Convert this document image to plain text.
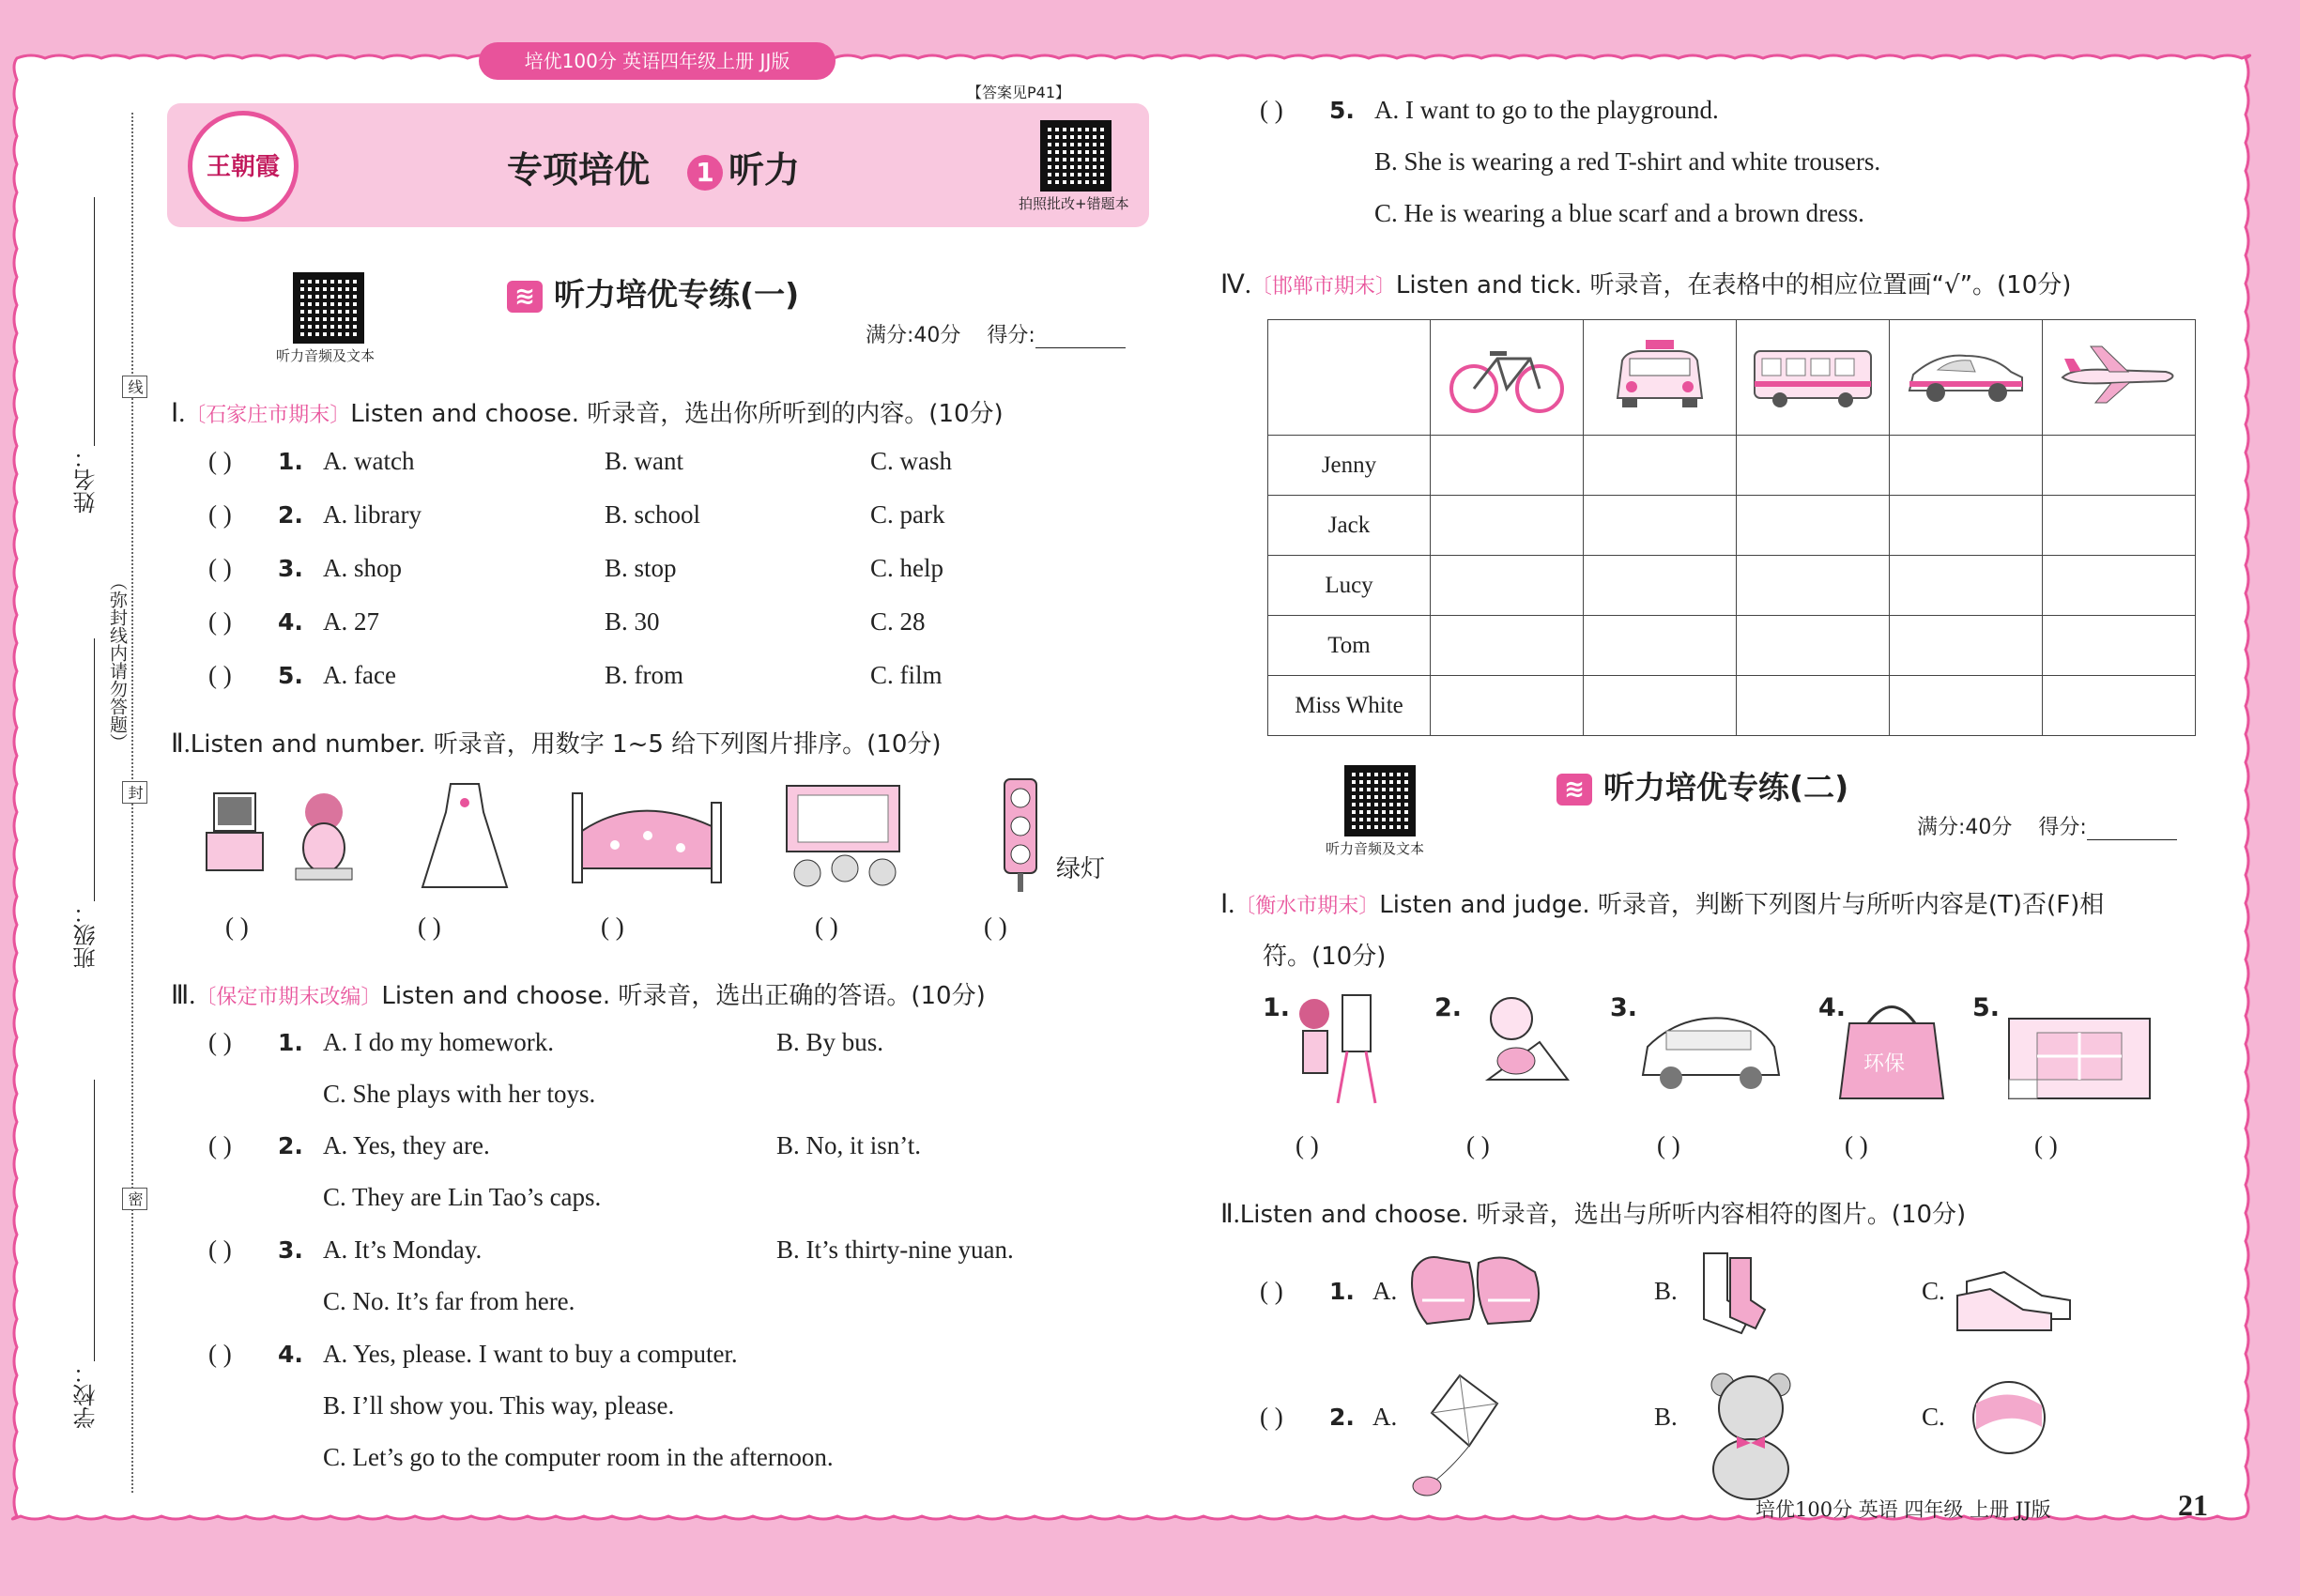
培优100分 英语四年级上册 JJ版
【答案见P41】
王朝霞	专项培优 1 听力
拍照批改+错题本
姓名：
线
（弥封线内请勿答题）
封
班级：
密
学校：
听力音频及文本
≋ 听力培优专练(一)
满分:40分 得分:
Ⅰ.〔石家庄市期末〕Listen and choose. 听录音，选出你所听到的内容。(10分)
( ) 1. A. watch	B. want	C. wash
( ) 2. A. library	B. school	C. park
( ) 3. A. shop	B. stop	C. help
( ) 4. A. 27	B. 30	C. 28
( ) 5. A. face	B. from	C. film
Ⅱ.Listen and number. 听录音，用数字 1~5 给下列图片排序。(10分)
绿灯
( )	( )	( )	( )	( )
Ⅲ.〔保定市期末改编〕Listen and choose. 听录音，选出正确的答语。(10分)
( ) 1. A. I do my homework.	B. By bus.
C. She plays with her toys.
( ) 2. A. Yes, they are.	B. No, it isn’t.
C. They are Lin Tao’s caps.
( ) 3. A. It’s Monday.	B. It’s thirty-nine yuan.
C. No. It’s far from here.
( ) 4. A. Yes, please. I want to buy a computer.
B. I’ll show you. This way, please.
C. Let’s go to the computer room in the afternoon.
( ) 5. A. I want to go to the playground.
B. She is wearing a red T-shirt and white trousers.
C. He is wearing a blue scarf and a brown dress.
Ⅳ.〔邯郸市期末〕Listen and tick. 听录音，在表格中的相应位置画“√”。(10分)

Jenny					
Jack					
Lucy					
Tom					
Miss White					
听力音频及文本
≋ 听力培优专练(二)
满分:40分 得分:
Ⅰ.〔衡水市期末〕Listen and judge. 听录音，判断下列图片与所听内容是(T)否(F)相
符。(10分)
1.	2.	3.	4.	5.
环保
( )	( )	( )	( )	( )
Ⅱ.Listen and choose. 听录音，选出与所听内容相符的图片。(10分)
( ) 1. A.	B.	C.
( ) 2. A.	B.	C.
培优100分 英语 四年级 上册 JJ版	21
